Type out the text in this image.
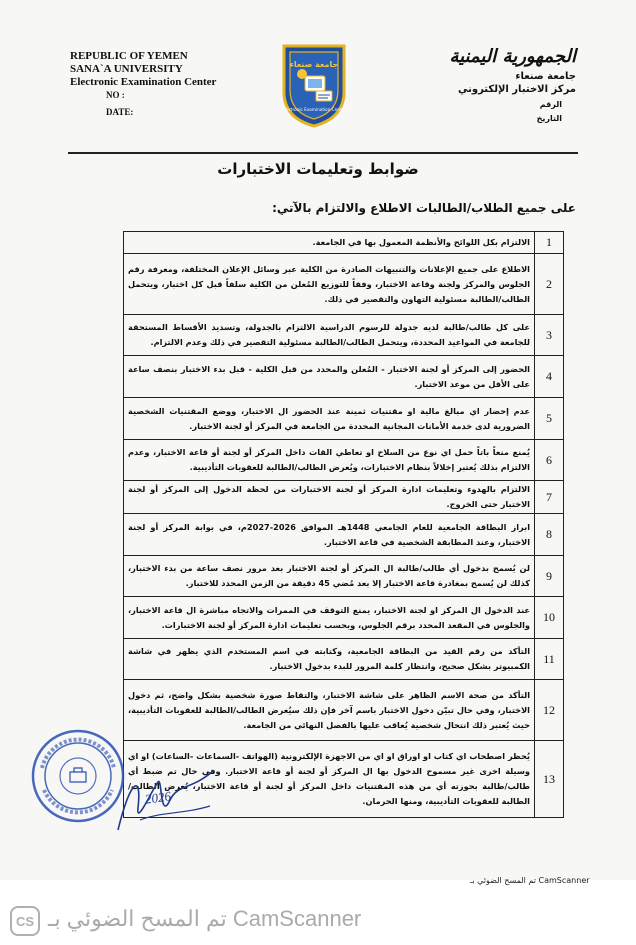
REPUBLIC OF YEMEN
SANA`A UNIVERSITY
Electronic Examination Center
NO :
DATE:
جامعة صنعاء
Electronic Examination Center
الجمهورية اليمنية
جامعة صنعاء
مركز الاختبار الإلكتروني
الرقم
التاريخ
ضوابط وتعليمات الاختبارات
على جميع الطلاب/الطالبات الاطلاع والالتزام بالآتي:
الالتزام بكل اللوائح والأنظمة المعمول بها في الجامعة.	1
الاطلاع على جميع الإعلانات والتنبيهات الصادرة من الكلية عبر وسائل الإعلان المختلفة، ومعرفة رقم الجلوس والمركز ولجنة وقاعة الاختبار، وفقاً للتوزيع المُعلن من الكلية سلفاً قبل كل اختبار، ويتحمل الطالب/الطالبة مسئولية التهاون والتقصير في ذلك.	2
على كل طالب/طالبة لديه جدولة للرسوم الدراسية الالتزام بالجدولة، وتسديد الأقساط المستحقة للجامعة في المواعيد المحددة، ويتحمل الطالب/الطالبة مسئولية التقصير في ذلك وعدم الالتزام.	3
الحضور إلى المركز أو لجنة الاختبار - المُعلن والمحدد من قبل الكلية - قبل بدء الاختبار بنصف ساعة على الأقل من موعد الاختبار.	4
عدم إحضار اي مبالغ مالية او مقتنيات ثمينة عند الحضور ال الاختبار، ووضع المقتنيات الشخصية الضرورية لدى خدمة الأمانات المجانية المحددة من الجامعة في المركز أو لجنة الاختبار.	5
يُمنع منعاً باتاً حمل اي نوع من السلاح او تعاطي القات داخل المركز أو لجنة أو قاعة الاختبار، وعدم الالتزام بذلك يُعتبر إخلالاً بنظام الاختبارات، ويُعرض الطالب/الطالبة للعقوبات التأديبية.	6
الالتزام بالهدوء وتعليمات ادارة المركز أو لجنة الاختبارات من لحظة الدخول إلى المركز أو لجنة الاختبار حتى الخروج.	7
ابراز البطاقة الجامعية للعام الجامعي 1448هـ الموافق 2026-2027م، في بوابة المركز أو لجنة الاختبار، وعند المطابقة الشخصية في قاعة الاختبار.	8
لن يُسمح بدخول أي طالب/طالبة ال المركز أو لجنة الاختبار بعد مرور نصف ساعة من بدء الاختبار، كذلك لن يُسمح بمغادرة قاعة الاختبار إلا بعد مُضي 45 دقيقة من الزمن المحدد للاختبار.	9
عند الدخول ال المركز او لجنة الاختبار، يمنع التوقف في الممرات والاتجاه مباشرة ال قاعة الاختبار، والجلوس في المقعد المحدد برقم الجلوس، وبحسب تعليمات ادارة المركز أو لجنة الاختبارات.	10
التأكد من رقم القيد من البطاقة الجامعية، وكتابته في اسم المستخدم الذي يظهر في شاشة الكمبيوتر بشكل صحيح، وانتظار كلمة المرور للبدء بدخول الاختبار.	11
التأكد من صحة الاسم الظاهر على شاشة الاختبار، والتقاط صورة شخصية بشكل واضح، ثم دخول الاختبار، وفي حال تبيّن دخول الاختبار باسم آخر فإن ذلك سيُعرض الطالب/الطالبة للعقوبات التأديبية، حيث يُعتبر ذلك انتحال شخصية يُعاقب عليها بالفصل النهائي من الجامعة.	12
يُحظر اصطحاب اي كتاب او اوراق او اي من الاجهزة الإلكترونية (الهواتف -السماعات -الساعات) او اي وسيلة اخرى غير مسموح الدخول بها ال المركز أو لجنة أو قاعة الاختبار. وفي حال تم ضبط أي طالب/طالبة بحوزته أي من هذه المقتنيات داخل المركز أو لجنة أو قاعة الاختبار، يُعرض الطالب/الطالبة للعقوبات التأديبية، ومنها الحرمان.	13
2026
تم المسح الضوئي بـ CamScanner
CS تم المسح الضوئي بـ CamScanner
